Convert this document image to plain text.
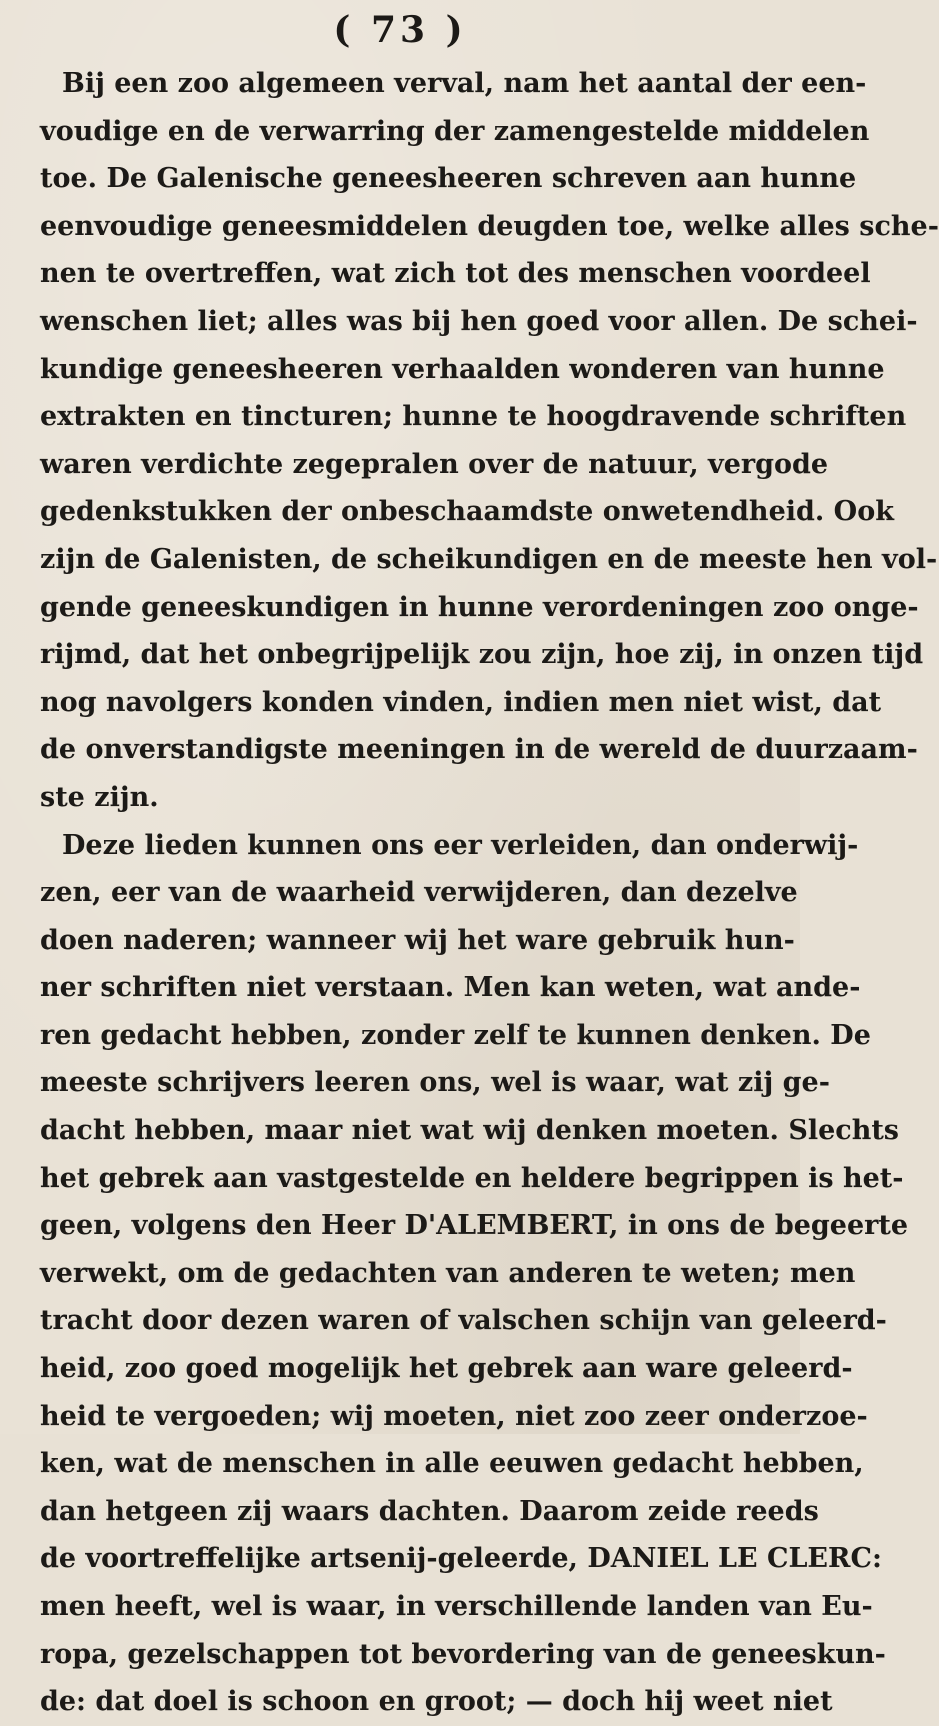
( 73 )
Bij een zoo algemeen verval, nam het aantal der een-
voudige en de verwarring der zamengestelde middelen
toe. De Galenische geneesheeren schreven aan hunne
eenvoudige geneesmiddelen deugden toe, welke alles sche-
nen te overtreffen, wat zich tot des menschen voordeel
wenschen liet; alles was bij hen goed voor allen. De schei-
kundige geneesheeren verhaalden wonderen van hunne
extrakten en tincturen; hunne te hoogdravende schriften
waren verdichte zegepralen over de natuur, vergode
gedenkstukken der onbeschaamdste onwetendheid. Ook
zijn de Galenisten, de scheikundigen en de meeste hen vol-
gende geneeskundigen in hunne verordeningen zoo onge-
rijmd, dat het onbegrijpelijk zou zijn, hoe zij, in onzen tijd
nog navolgers konden vinden, indien men niet wist, dat
de onverstandigste meeningen in de wereld de duurzaam-
ste zijn.
Deze lieden kunnen ons eer verleiden, dan onderwij-
zen, eer van de waarheid verwijderen, dan dezelve
doen naderen; wanneer wij het ware gebruik hun-
ner schriften niet verstaan. Men kan weten, wat ande-
ren gedacht hebben, zonder zelf te kunnen denken. De
meeste schrijvers leeren ons, wel is waar, wat zij ge-
dacht hebben, maar niet wat wij denken moeten. Slechts
het gebrek aan vastgestelde en heldere begrippen is het-
geen, volgens den Heer D'ALEMBERT, in ons de begeerte
verwekt, om de gedachten van anderen te weten; men
tracht door dezen waren of valschen schijn van geleerd-
heid, zoo goed mogelijk het gebrek aan ware geleerd-
heid te vergoeden; wij moeten, niet zoo zeer onderzoe-
ken, wat de menschen in alle eeuwen gedacht hebben,
dan hetgeen zij waars dachten. Daarom zeide reeds
de voortreffelijke artsenij-geleerde, DANIEL LE CLERC:
men heeft, wel is waar, in verschillende landen van Eu-
ropa, gezelschappen tot bevordering van de geneeskun-
de: dat doel is schoon en groot; — doch hij weet niet
